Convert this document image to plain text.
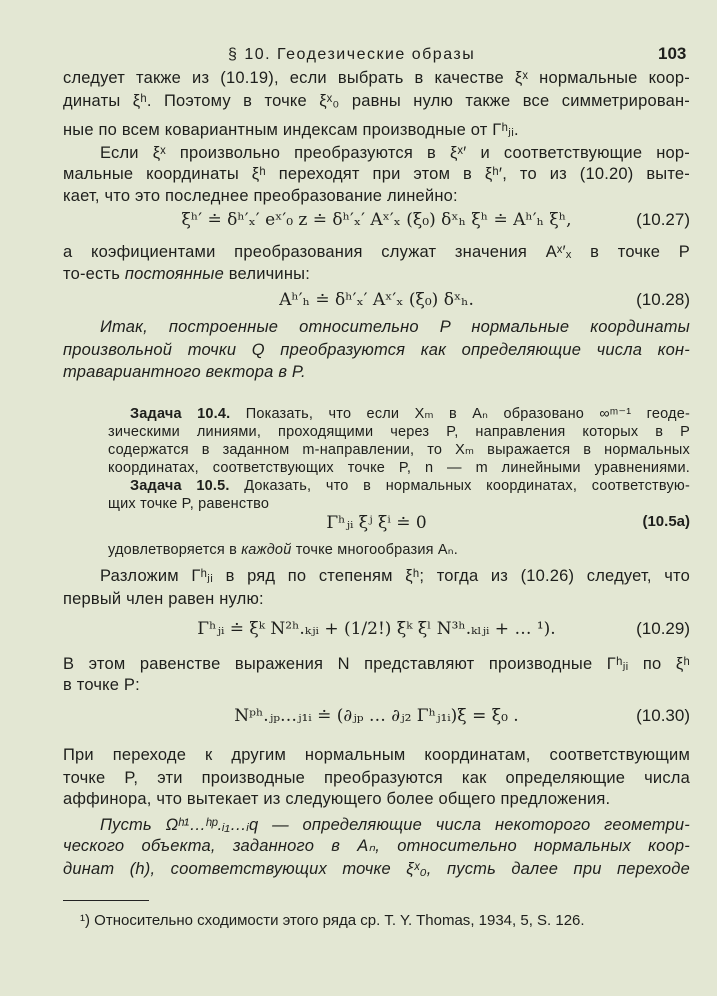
§ 10. Геодезические образы	103
следует также из (10.19), если выбрать в качестве ξˣ нормальные коор-
динаты ξʰ. Поэтому в точке ξˣ₀ равны нулю также все симметрирован-
ные по всем ковариантным индексам производные от Γʰⱼᵢ.
Если ξˣ произвольно преобразуются в ξˣ′ и соответствующие нор-
мальные координаты ξʰ переходят при этом в ξʰ′, то из (10.20) выте-
кает, что это последнее преобразование линейно:
ξʰ′ ≐ δʰ′ₓ′ eˣ′₀ z ≐ δʰ′ₓ′ Aˣ′ₓ (ξ₀) δˣₕ ξʰ ≐ Aʰ′ₕ ξʰ,	(10.27)
а коэфициентами преобразования служат значения Aˣ′ₓ в точке P
то-есть постоянные величины:
Aʰ′ₕ ≐ δʰ′ₓ′ Aˣ′ₓ (ξ₀) δˣₕ.	(10.28)
Итак, построенные относительно P нормальные координаты
произвольной точки Q преобразуются как определяющие числа кон-
травариантного вектора в P.
Задача 10.4. Показать, что если Xₘ в Aₙ образовано ∞ᵐ⁻¹ геоде-
зическими линиями, проходящими через P, направления которых в P
содержатся в заданном m-направлении, то Xₘ выражается в нормальных
координатах, соответствующих точке P, n — m линейными уравнениями.
Задача 10.5. Доказать, что в нормальных координатах, соответствую-
щих точке P, равенство
Γʰⱼᵢ ξʲ ξⁱ ≐ 0	(10.5a)
удовлетворяется в каждой точке многообразия Aₙ.
Разложим Γʰⱼᵢ в ряд по степеням ξʰ; тогда из (10.26) следует, что
первый член равен нулю:
Γʰⱼᵢ ≐ ξᵏ N²ʰ.ₖⱼᵢ + (1/2!) ξᵏ ξˡ N³ʰ.ₖₗⱼᵢ + … ¹).	(10.29)
В этом равенстве выражения N представляют производные Γʰⱼᵢ по ξʰ
в точке P:
Nᵖʰ.ⱼₚ…ⱼ₁ᵢ ≐ (∂ⱼₚ … ∂ⱼ₂ Γʰⱼ₁ᵢ)ξ = ξ₀ .	(10.30)
При переходе к другим нормальным координатам, соответствующим
точке P, эти производные преобразуются как определяющие числа
аффинора, что вытекает из следующего более общего предложения.
Пусть Ωʰ¹…ʰᵖ.ᵢ₁…ᵢq — определяющие числа некоторого геометри-
ческого объекта, заданного в Aₙ, относительно нормальных коор-
динат (h), соответствующих точке ξˣ₀, пусть далее при переходе
¹) Относительно сходимости этого ряда ср. T. Y. Thomas, 1934, 5, S. 126.
